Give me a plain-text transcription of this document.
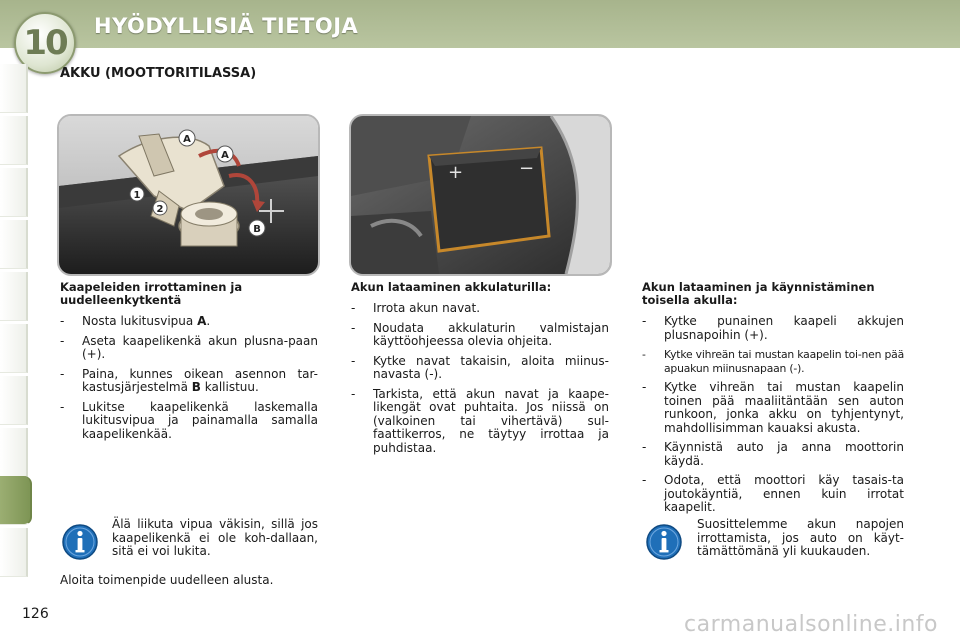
10 HYÖDYLLISIÄ TIETOJA
AKKU (MOOTTORITILASSA)
A
A
1
2
B
+	−
Kaapeleiden irrottaminen ja uudelleenkytkentä
- Nosta lukitusvipua A.
- Aseta kaapelikenkä akun plusna-paan (+).
- Paina, kunnes oikean asennon tar-kastusjärjestelmä B kallistuu.
- Lukitse kaapelikenkä laskemalla lukitusvipua ja painamalla samalla kaapelikenkää.
Akun lataaminen akkulaturilla:
- Irrota akun navat.
- Noudata akkulaturin valmistajan käyttöohjeessa olevia ohjeita.
- Kytke navat takaisin, aloita miinus-navasta (-).
- Tarkista, että akun navat ja kaape-likengät ovat puhtaita. Jos niissä on (valkoinen tai vihertävä) sul-faattikerros, ne täytyy irrottaa ja puhdistaa.
Akun lataaminen ja käynnistäminen toisella akulla:
- Kytke punainen kaapeli akkujen plusnapoihin (+).
- Kytke vihreän tai mustan kaapelin toi-nen pää apuakun miinusnapaan (-).
- Kytke vihreän tai mustan kaapelin toinen pää maaliitäntään sen auton runkoon, jonka akku on tyhjentynyt, mahdollisimman kauaksi akusta.
- Käynnistä auto ja anna moottorin käydä.
- Odota, että moottori käy tasais-ta joutokäyntiä, ennen kuin irrotat kaapelit.
Älä liikuta vipua väkisin, sillä jos kaapelikenkä ei ole koh-dallaan, sitä ei voi lukita.
Aloita toimenpide uudelleen alusta.
Suosittelemme akun napojen irrottamista, jos auto on käyt-tämättömänä yli kuukauden.
126	carmanualsonline.info
